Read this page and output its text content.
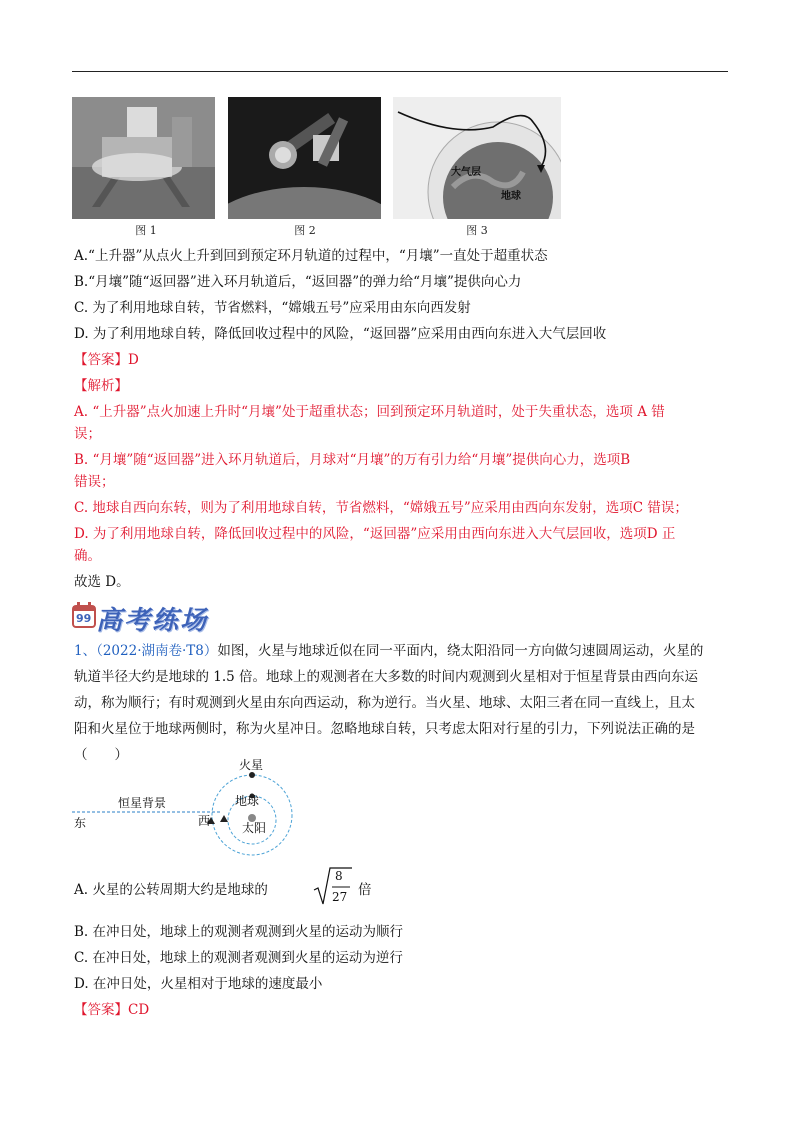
图 1	图 2
大气层
地球
图 3
A.“上升器”从点火上升到回到预定环月轨道的过程中，“月壤”一直处于超重状态
B.“月壤”随“返回器”进入环月轨道后，“返回器”的弹力给“月壤”提供向心力
C. 为了利用地球自转，节省燃料，“嫦娥五号”应采用由东向西发射
D. 为了利用地球自转，降低回收过程中的风险，“返回器”应采用由西向东进入大气层回收
【答案】D
【解析】
A. “上升器”点火加速上升时“月壤”处于超重状态；回到预定环月轨道时，处于失重状态，选项 A 错
误；
B. “月壤”随“返回器”进入环月轨道后，月球对“月壤”的万有引力给“月壤”提供向心力，选项B
错误；
C. 地球自西向东转，则为了利用地球自转，节省燃料，“嫦娥五号”应采用由西向东发射，选项C 错误；
D. 为了利用地球自转，降低回收过程中的风险，“返回器”应采用由西向东进入大气层回收，选项D 正
确。
故选 D。
99 高考练场
1、（2022·湖南卷·T8）如图，火星与地球近似在同一平面内，绕太阳沿同一方向做匀速圆周运动，火星的
轨道半径大约是地球的 1.5 倍。地球上的观测者在大多数的时间内观测到火星相对于恒星背景由西向东运
动，称为顺行；有时观测到火星由东向西运动，称为逆行。当火星、地球、太阳三者在同一直线上，且太
阳和火星位于地球两侧时，称为火星冲日。忽略地球自转，只考虑太阳对行星的引力，下列说法正确的是
（　　）
火星
地球
太阳
恒星背景
东	西
A. 火星的公转周期大约是地球的
8
27 倍
B. 在冲日处，地球上的观测者观测到火星的运动为顺行
C. 在冲日处，地球上的观测者观测到火星的运动为逆行
D. 在冲日处，火星相对于地球的速度最小
【答案】CD
